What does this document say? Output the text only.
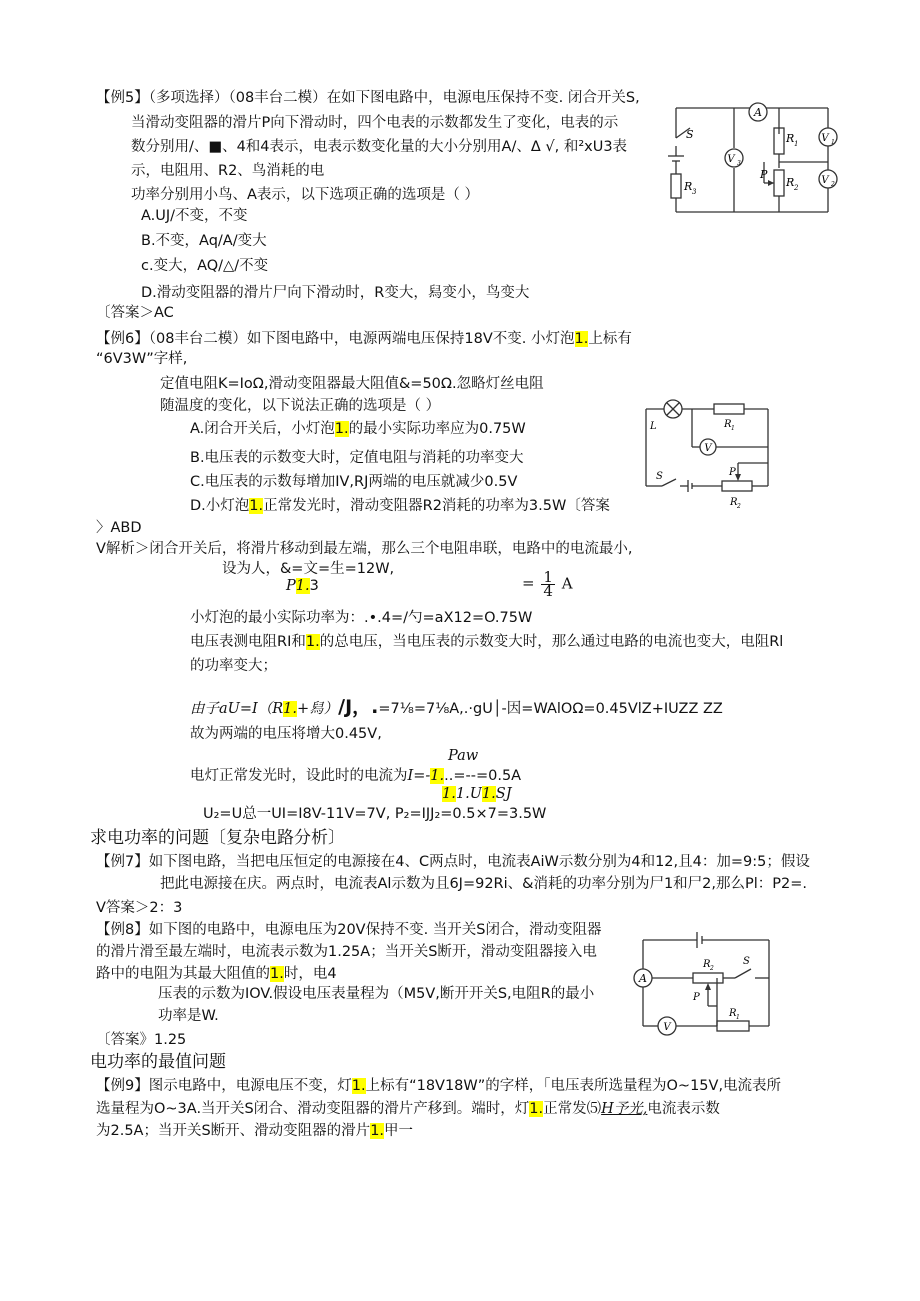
【例5】（多项选择）（08丰台二模）在如下图电路中，电源电压保持不变. 闭合开关S,
当滑动变阻器的滑片P向下滑动时，四个电表的示数都发生了变化，电表的示
数分别用/、■、4和4表示，电表示数变化量的大小分别用A/、Δ √, 和²xU3表
示，电阻用、R2、鸟消耗的电
功率分别用小鸟、A表示，以下选项正确的选项是（ ）
A.UJ/不变，不变
B.不变，Aq/A/变大
c.变大，AQ/△/不变
D.滑动变阻器的滑片尸向下滑动时，R变大，舄变小，鸟变大
〔答案＞AC
A
S	R 1 V 1
V 3
P
R 2
V 2
R 3
【例6】（08丰台二模）如下图电路中，电源两端电压保持18V不变. 小灯泡1.上标有
“6V3W”字样,
定值电阻K=IoΩ,滑动变阻器最大阻值&=50Ω.忽略灯丝电阻
随温度的变化，以下说法正确的选项是（ ）
A.闭合开关后，小灯泡1.的最小实际功率应为0.75W
B.电压表的示数变大时，定值电阻与消耗的功率变大
C.电压表的示数每增加IV,RJ两端的电压就减少0.5V
D.小灯泡1.正常发光时，滑动变阻器R2消耗的功率为3.5W〔答案
〉ABD
V解析＞闭合开关后，将滑片移动到最左端，那么三个电阻串联，电路中的电流最小,
设为人，&=文=生=12W,
P1.3	= $\frac{1}{4}$ A
小灯泡的最小实际功率为：.•.4=/勺=aX12=O.75W
电压表测电阻RI和1.的总电压，当电压表的示数变大时，那么通过电路的电流也变大，电阻Rl
的功率变大；
由子aU=I（R1.+舄）∕J，.=7⅛=7⅛A,.·gU│-因=WAlOΩ=0.45VlZ+IUZZ ZZ
故为两端的电压将增大0.45V,
Paw
电灯正常发光时，设此时的电流为I=-1...=--=0.5A
1.1.U1.SJ
U₂=U总一UI=I8V-11V=7V, P₂=IJJ₂=0.5×7=3.5W
L	R 1
V
S	P
R 2
求电功率的问题〔复杂电路分析〕
【例7】如下图电路，当把电压恒定的电源接在4、C两点时，电流表AiW示数分别为4和12,且4：加=9:5；假设
把此电源接在庆。两点时，电流表Al示数为且6J=92Ri、&消耗的功率分别为尸1和尸2,那么Pl：P2=.
V答案＞2：3
【例8】如下图的电路中，电源电压为20V保持不变. 当开关S闭合，滑动变阻器
的滑片滑至最左端时，电流表示数为1.25A；当开关S断开，滑动变阻器接入电
路中的电阻为其最大阻值的1.时，电4
压表的示数为IOV.假设电压表量程为（M5V,断开开关S,电阻R的最小
功率是W.
〔答案》1.25
A
R 2
S
P
V
R 1
电功率的最值问题
【例9】图示电路中，电源电压不变，灯1.上标有“18V18W”的字样，「电压表所选量程为O~15V,电流表所
选量程为O~3A.当开关S闭合、滑动变阻器的滑片产移到。端时，灯1.正常发⑸H予光,电流表示数
为2.5A；当开关S断开、滑动变阻器的滑片1.甲一
